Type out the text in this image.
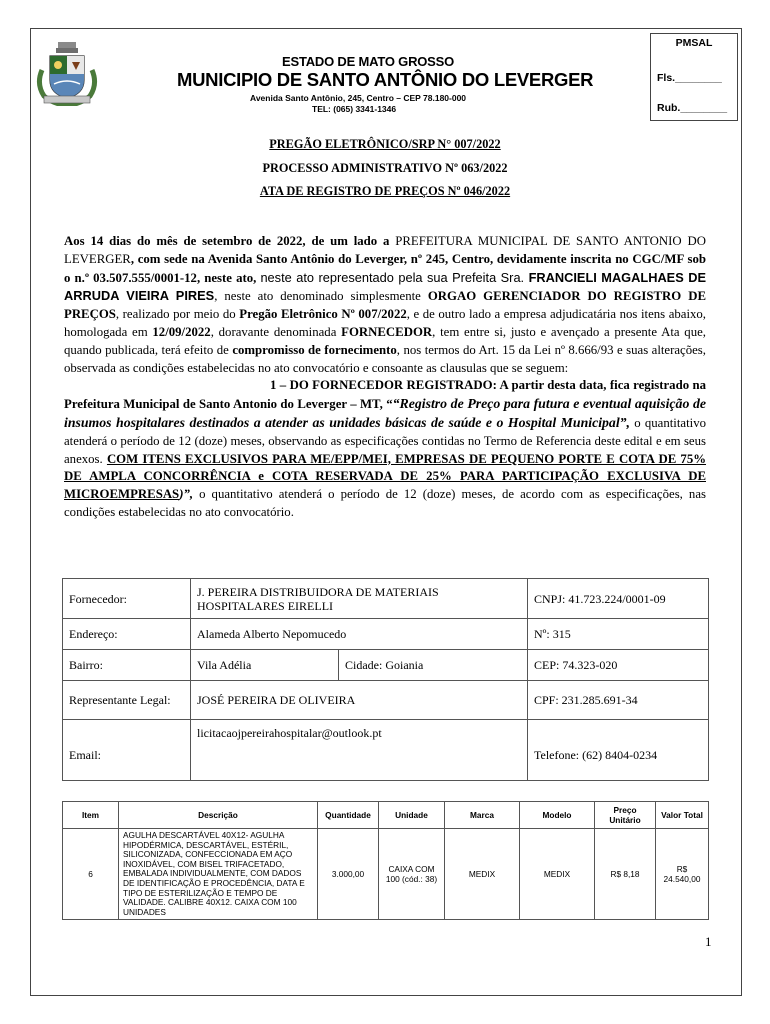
ESTADO DE MATO GROSSO
MUNICIPIO DE SANTO ANTÔNIO DO LEVERGER
Avenida Santo Antônio, 245, Centro – CEP 78.180-000
TEL: (065) 3341-1346
PMSAL
Fls.________
Rub.________
PREGÃO ELETRÔNICO/SRP N° 007/2022
PROCESSO ADMINISTRATIVO Nº 063/2022
ATA DE REGISTRO DE PREÇOS Nº 046/2022

Aos 14 dias do mês de setembro de 2022, de um lado a PREFEITURA MUNICIPAL DE SANTO ANTONIO DO LEVERGER, com sede na Avenida Santo Antônio do Leverger, nº 245, Centro, devidamente inscrita no CGC/MF sob o n.º 03.507.555/0001-12, neste ato, neste ato representado pela sua Prefeita Sra. FRANCIELI MAGALHAES DE ARRUDA VIEIRA PIRES, neste ato denominado simplesmente ORGAO GERENCIADOR DO REGISTRO DE PREÇOS, realizado por meio do Pregão Eletrônico Nº 007/2022, e de outro lado a empresa adjudicatária nos itens abaixo, homologada em 12/09/2022, doravante denominada FORNECEDOR, tem entre si, justo e avençado a presente Ata que, quando publicada, terá efeito de compromisso de fornecimento, nos termos do Art. 15 da Lei nº 8.666/93 e suas alterações, observada as condições estabelecidas no ato convocatório e consoante as clausulas que se seguem:

1 – DO FORNECEDOR REGISTRADO: A partir desta data, fica registrado na Prefeitura Municipal de Santo Antonio do Leverger – MT, ““Registro de Preço para futura e eventual aquisição de insumos hospitalares destinados a atender as unidades básicas de saúde e o Hospital Municipal”, o quantitativo atenderá o período de 12 (doze) meses, observando as especificações contidas no Termo de Referencia deste edital e em seus anexos. COM ITENS EXCLUSIVOS PARA ME/EPP/MEI, EMPRESAS DE PEQUENO PORTE E COTA DE 75% DE AMPLA CONCORRÊNCIA e COTA RESERVADA DE 25% PARA PARTICIPAÇÃO EXCLUSIVA DE MICROEMPRESAS)”, o quantitativo atenderá o período de 12 (doze) meses, de acordo com as especificações, nas condições estabelecidas no ato convocatório.

Fornecedor:	J. PEREIRA DISTRIBUIDORA DE MATERIAIS HOSPITALARES EIRELLI		CNPJ: 41.723.224/0001-09
Endereço:	Alameda Alberto Nepomucedo		Nº: 315
Bairro:	Vila Adélia	Cidade: Goiania	CEP: 74.323-020
Representante Legal:	JOSÉ PEREIRA DE OLIVEIRA		CPF: 231.285.691-34
Email:	licitacaojpereirahospitalar@outlook.pt		Telefone: (62) 8404-0234
Item	Descrição	Quantidade	Unidade	Marca	Modelo	Preço Unitário	Valor Total
6	AGULHA DESCARTÁVEL 40X12- AGULHA HIPODÉRMICA, DESCARTÁVEL, ESTÉRIL, SILICONIZADA, CONFECCIONADA EM AÇO INOXIDÁVEL, COM BISEL TRIFACETADO, EMBALADA INDIVIDUALMENTE, COM DADOS DE IDENTIFICAÇÃO E PROCEDÊNCIA, DATA E TIPO DE ESTERILIZAÇÃO E TEMPO DE VALIDADE. CALIBRE 40X12. CAIXA COM 100 UNIDADES	3.000,00	CAIXA COM 100 (cód.: 38)	MEDIX	MEDIX	R$ 8,18	R$ 24.540,00
1
